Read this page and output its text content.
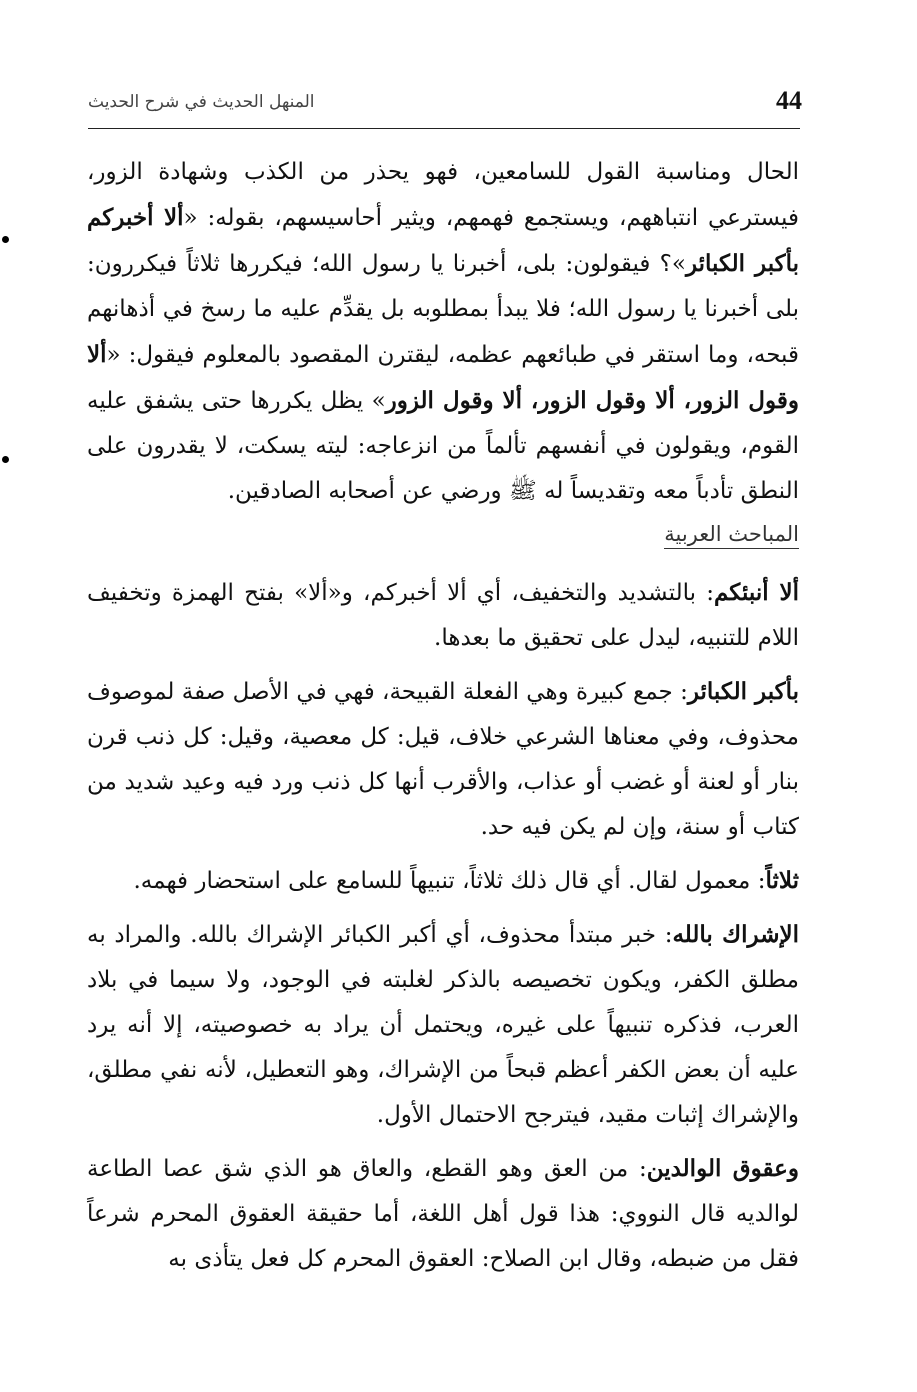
44
المنهل الحديث في شرح الحديث

الحال ومناسبة القول للسامعين، فهو يحذر من الكذب وشهادة الزور، فيسترعي انتباههم، ويستجمع فهمهم، ويثير أحاسيسهم، بقوله: «ألا أخبركم بأكبر الكبائر»؟ فيقولون: بلى، أخبرنا يا رسول الله؛ فيكررها ثلاثاً فيكررون: بلى أخبرنا يا رسول الله؛ فلا يبدأ بمطلوبه بل يقدِّم عليه ما رسخ في أذهانهم قبحه، وما استقر في طبائعهم عظمه، ليقترن المقصود بالمعلوم فيقول: «ألا وقول الزور، ألا وقول الزور، ألا وقول الزور» يظل يكررها حتى يشفق عليه القوم، ويقولون في أنفسهم تألماً من انزعاجه: ليته يسكت، لا يقدرون على النطق تأدباً معه وتقديساً له ﷺ ورضي عن أصحابه الصادقين.

المباحث العربية

ألا أنبئكم: بالتشديد والتخفيف، أي ألا أخبركم، و«ألا» بفتح الهمزة وتخفيف اللام للتنبيه، ليدل على تحقيق ما بعدها.

بأكبر الكبائر: جمع كبيرة وهي الفعلة القبيحة، فهي في الأصل صفة لموصوف محذوف، وفي معناها الشرعي خلاف، قيل: كل معصية، وقيل: كل ذنب قرن بنار أو لعنة أو غضب أو عذاب، والأقرب أنها كل ذنب ورد فيه وعيد شديد من كتاب أو سنة، وإن لم يكن فيه حد.

ثلاثاً: معمول لقال. أي قال ذلك ثلاثاً، تنبيهاً للسامع على استحضار فهمه.

الإشراك بالله: خبر مبتدأ محذوف، أي أكبر الكبائر الإشراك بالله. والمراد به مطلق الكفر، ويكون تخصيصه بالذكر لغلبته في الوجود، ولا سيما في بلاد العرب، فذكره تنبيهاً على غيره، ويحتمل أن يراد به خصوصيته، إلا أنه يرد عليه أن بعض الكفر أعظم قبحاً من الإشراك، وهو التعطيل، لأنه نفي مطلق، والإشراك إثبات مقيد، فيترجح الاحتمال الأول.

وعقوق الوالدين: من العق وهو القطع، والعاق هو الذي شق عصا الطاعة لوالديه قال النووي: هذا قول أهل اللغة، أما حقيقة العقوق المحرم شرعاً فقل من ضبطه، وقال ابن الصلاح: العقوق المحرم كل فعل يتأذى به
